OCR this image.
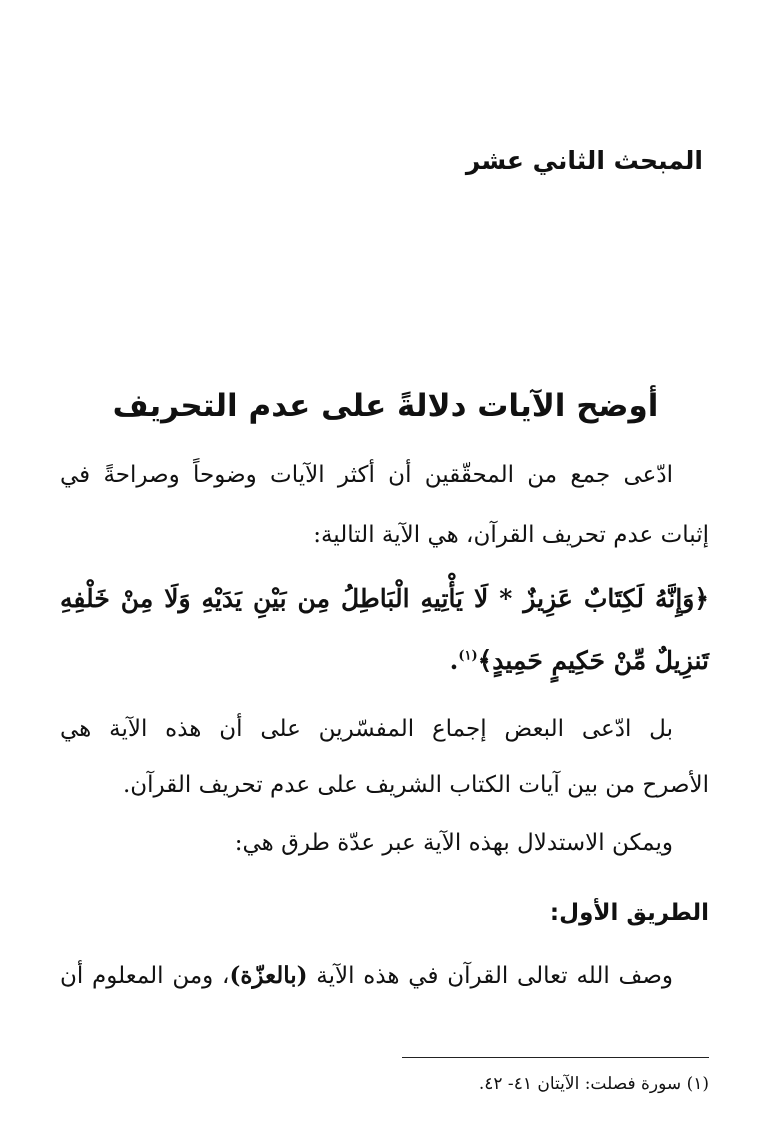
المبحث الثاني عشر
أوضح الآيات دلالةً على عدم التحريف

ادّعى جمع من المحقّقين أن أكثر الآيات وضوحاً وصراحةً في

إثبات عدم تحريف القرآن، هي الآية التالية:

﴿وَإِنَّهُ لَكِتَابٌ عَزِيزٌ * لَا يَأْتِيهِ الْبَاطِلُ مِن بَيْنِ يَدَيْهِ وَلَا مِنْ خَلْفِهِ

تَنزِيلٌ مِّنْ حَكِيمٍ حَمِيدٍ﴾$^{(١)}$.

بل ادّعى البعض إجماع المفسّرين على أن هذه الآية هي

الأصرح من بين آيات الكتاب الشريف على عدم تحريف القرآن.

ويمكن الاستدلال بهذه الآية عبر عدّة طرق هي:

الطريق الأول:

وصف الله تعالى القرآن في هذه الآية (بالعزّة)، ومن المعلوم أن

(١) سورة فصلت: الآيتان ٤١- ٤٢.
